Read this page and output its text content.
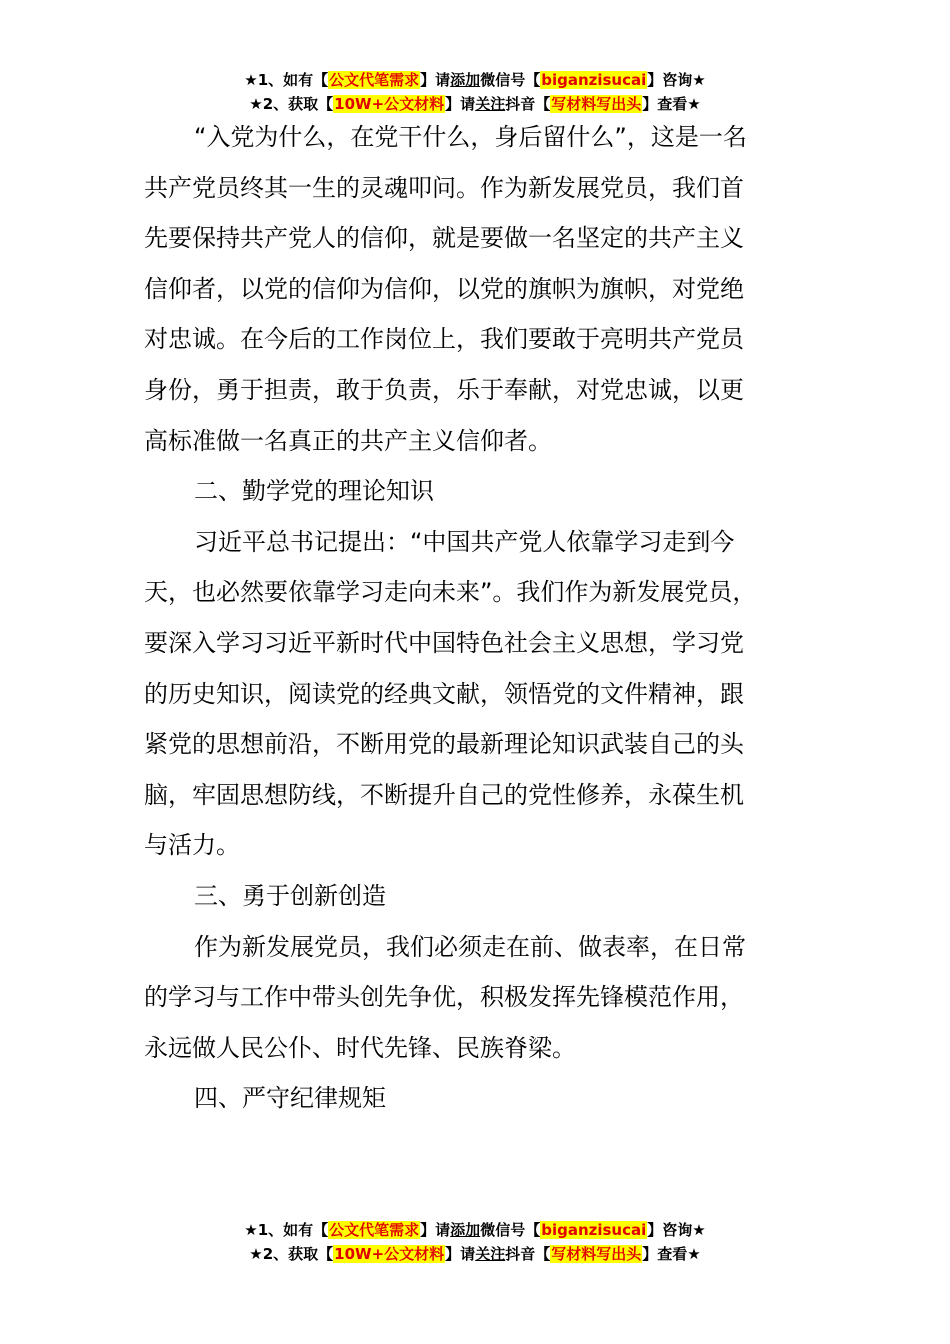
★1、如有【公文代笔需求】请添加微信号【biganzisucai】咨询★
★2、获取【10W+公文材料】请关注抖音【写材料写出头】查看★

“入党为什么，在党干什么，身后留什么”，这是一名
共产党员终其一生的灵魂叩问。作为新发展党员，我们首
先要保持共产党人的信仰，就是要做一名坚定的共产主义
信仰者，以党的信仰为信仰，以党的旗帜为旗帜，对党绝
对忠诚。在今后的工作岗位上，我们要敢于亮明共产党员
身份，勇于担责，敢于负责，乐于奉献，对党忠诚，以更
高标准做一名真正的共产主义信仰者。

二、勤学党的理论知识

习近平总书记提出：“中国共产党人依靠学习走到今
天，也必然要依靠学习走向未来”。我们作为新发展党员，
要深入学习习近平新时代中国特色社会主义思想，学习党
的历史知识，阅读党的经典文献，领悟党的文件精神，跟
紧党的思想前沿，不断用党的最新理论知识武装自己的头
脑，牢固思想防线，不断提升自己的党性修养，永葆生机
与活力。

三、勇于创新创造

作为新发展党员，我们必须走在前、做表率，在日常
的学习与工作中带头创先争优，积极发挥先锋模范作用，
永远做人民公仆、时代先锋、民族脊梁。

四、严守纪律规矩

★1、如有【公文代笔需求】请添加微信号【biganzisucai】咨询★
★2、获取【10W+公文材料】请关注抖音【写材料写出头】查看★
